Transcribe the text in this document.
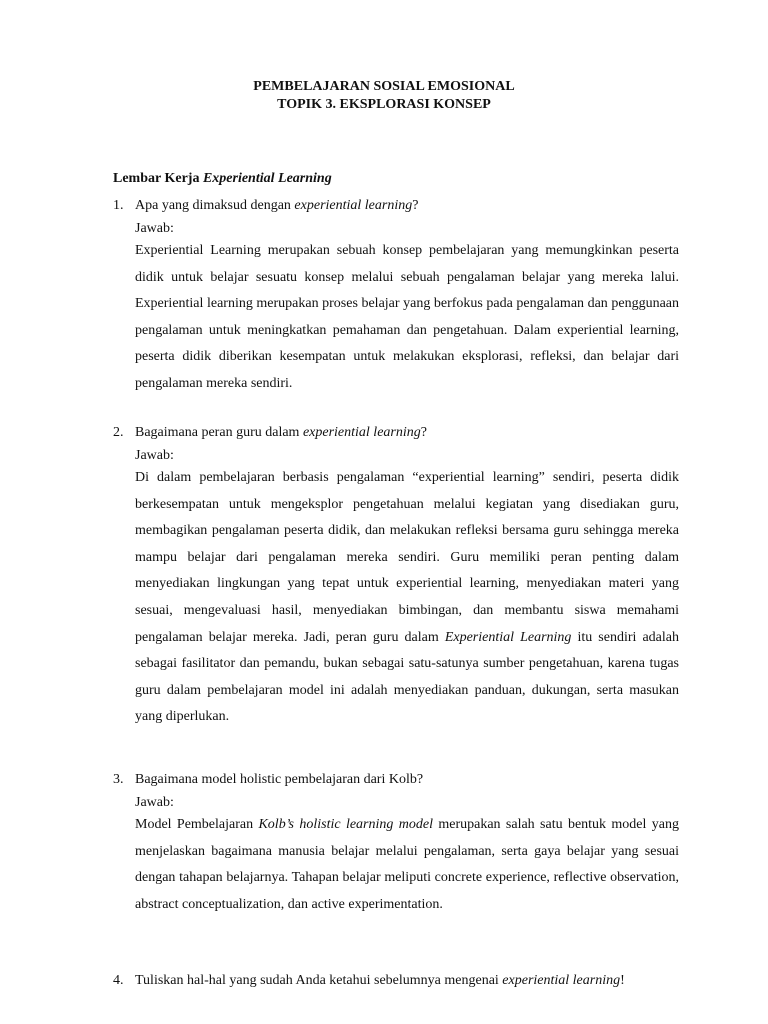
PEMBELAJARAN SOSIAL EMOSIONAL
TOPIK 3. EKSPLORASI KONSEP
Lembar Kerja Experiential Learning
1. Apa yang dimaksud dengan experiential learning?
Jawab:
Experiential Learning merupakan sebuah konsep pembelajaran yang memungkinkan peserta didik untuk belajar sesuatu konsep melalui sebuah pengalaman belajar yang mereka lalui. Experiential learning merupakan proses belajar yang berfokus pada pengalaman dan penggunaan pengalaman untuk meningkatkan pemahaman dan pengetahuan. Dalam experiential learning, peserta didik diberikan kesempatan untuk melakukan eksplorasi, refleksi, dan belajar dari pengalaman mereka sendiri.
2. Bagaimana peran guru dalam experiential learning?
Jawab:
Di dalam pembelajaran berbasis pengalaman “experiential learning” sendiri, peserta didik berkesempatan untuk mengeksplor pengetahuan melalui kegiatan yang disediakan guru, membagikan pengalaman peserta didik, dan melakukan refleksi bersama guru sehingga mereka mampu belajar dari pengalaman mereka sendiri. Guru memiliki peran penting dalam menyediakan lingkungan yang tepat untuk experiential learning, menyediakan materi yang sesuai, mengevaluasi hasil, menyediakan bimbingan, dan membantu siswa memahami pengalaman belajar mereka. Jadi, peran guru dalam Experiential Learning itu sendiri adalah sebagai fasilitator dan pemandu, bukan sebagai satu-satunya sumber pengetahuan, karena tugas guru dalam pembelajaran model ini adalah menyediakan panduan, dukungan, serta masukan yang diperlukan.
3. Bagaimana model holistic pembelajaran dari Kolb?
Jawab:
Model Pembelajaran Kolb’s holistic learning model merupakan salah satu bentuk model yang menjelaskan bagaimana manusia belajar melalui pengalaman, serta gaya belajar yang sesuai dengan tahapan belajarnya. Tahapan belajar meliputi concrete experience, reflective observation, abstract conceptualization, dan active experimentation.
4. Tuliskan hal-hal yang sudah Anda ketahui sebelumnya mengenai experiential learning!
